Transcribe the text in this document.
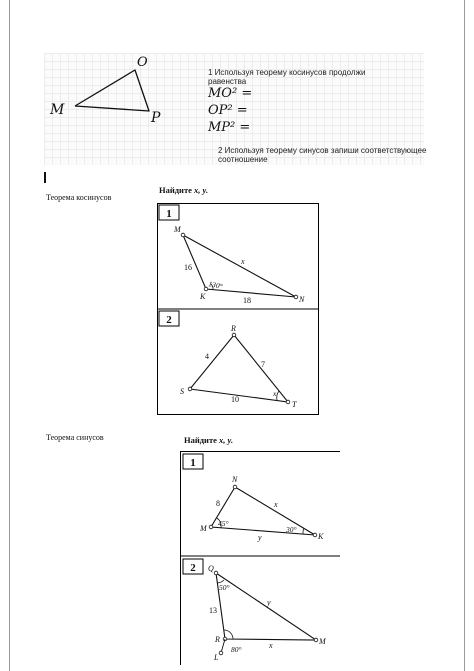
М
O
P
1 Используя теорему косинусов продолжи
равенства
MO² =
OP² =
MP² =
2 Используя теорему синусов запиши соответствующее
соотношение
Теорема косинусов
Найдите x, y.
1
M
K	N
16
18
x
130°
2
R
S
T
4
7
10
x
Теорема синусов	Найдите x, y.
1
N
M
K
8	x
y
45°
30°
2 Q
R
L
M
13
y
x
50°
80°
